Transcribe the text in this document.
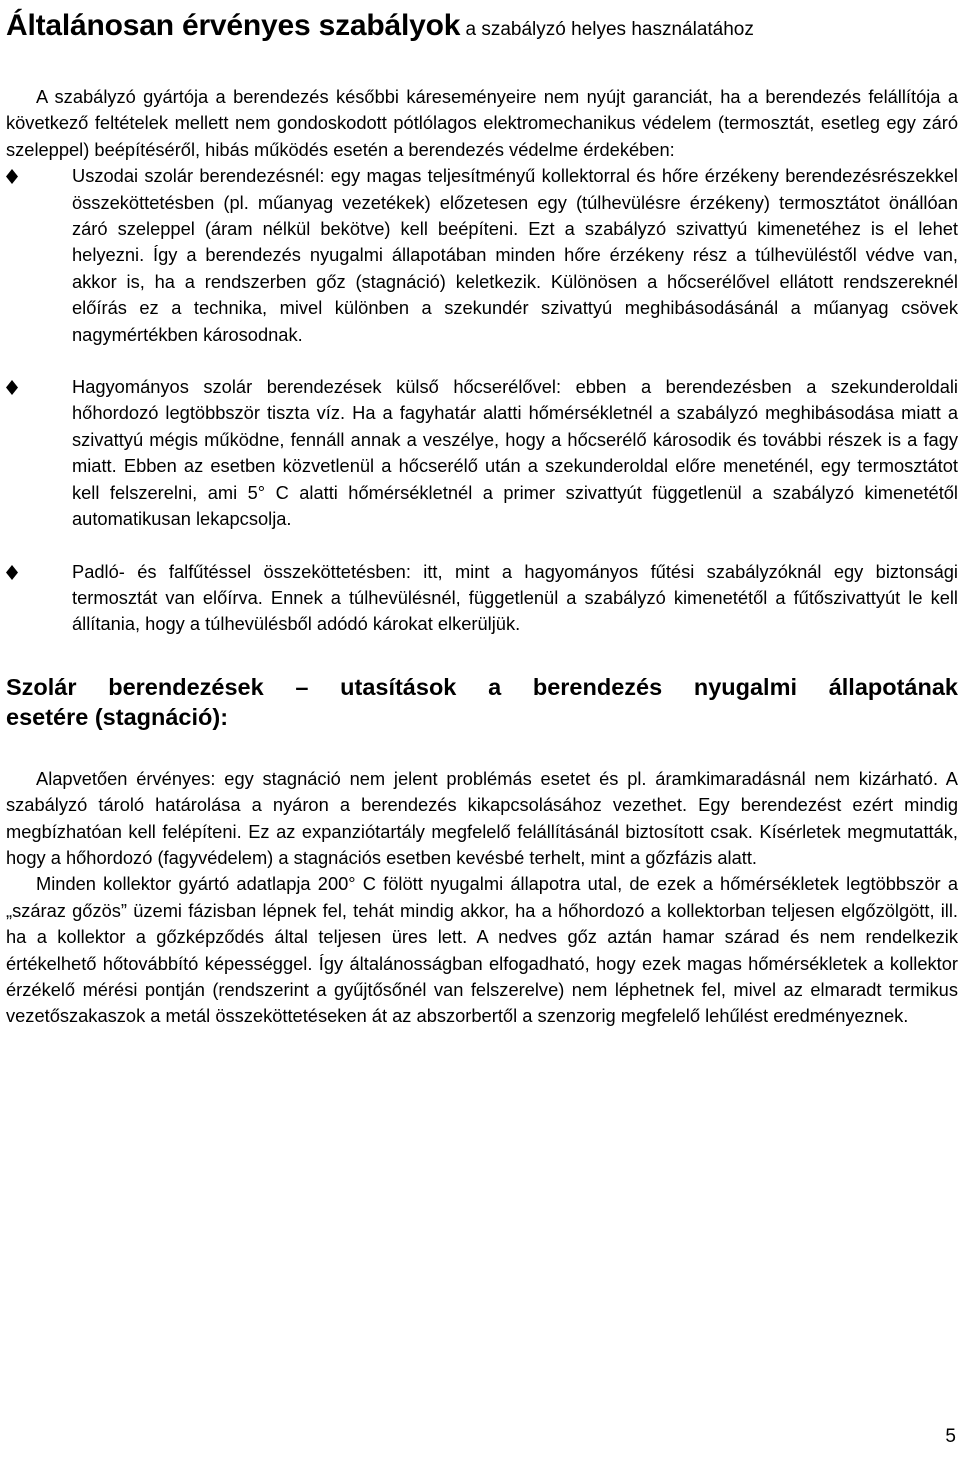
Általánosan érvényes szabályok a szabályzó helyes használatához

A szabályzó gyártója a berendezés későbbi káreseményeire nem nyújt garanciát, ha a berendezés felállítója a következő feltételek mellett nem gondoskodott pótlólagos elektromechanikus védelem (termosztát, esetleg egy záró szeleppel) beépítéséről, hibás működés esetén a berendezés védelme érdekében:

Uszodai szolár berendezésnél: egy magas teljesítményű kollektorral és hőre érzékeny berendezésrészekkel összeköttetésben (pl. műanyag vezetékek) előzetesen egy (túlhevülésre érzékeny) termosztátot önállóan záró szeleppel (áram nélkül bekötve) kell beépíteni. Ezt a szabályzó szivattyú kimenetéhez is el lehet helyezni. Így a berendezés nyugalmi állapotában minden hőre érzékeny rész a túlhevüléstől védve van, akkor is, ha a rendszerben gőz (stagnáció) keletkezik. Különösen a hőcserélővel ellátott rendszereknél előírás ez a technika, mivel különben a szekundér szivattyú meghibásodásánál a műanyag csövek nagymértékben károsodnak.

Hagyományos szolár berendezések külső hőcserélővel: ebben a berendezésben a szekunderoldali hőhordozó legtöbbször tiszta víz. Ha a fagyhatár alatti hőmérsékletnél a szabályzó meghibásodása miatt a szivattyú mégis működne, fennáll annak a veszélye, hogy a hőcserélő károsodik és további részek is a fagy miatt. Ebben az esetben közvetlenül a hőcserélő után a szekunderoldal előre meneténél, egy termosztátot kell felszerelni, ami 5° C alatti hőmérsékletnél a primer szivattyút függetlenül a szabályzó kimenetétől automatikusan lekapcsolja.

Padló- és falfűtéssel összeköttetésben: itt, mint a hagyományos fűtési szabályzóknál egy biztonsági termosztát van előírva. Ennek a túlhevülésnél, függetlenül a szabályzó kimenetétől a fűtőszivattyút le kell állítania, hogy a túlhevülésből adódó károkat elkerüljük.

Szolár berendezések – utasítások a berendezés nyugalmi állapotának
esetére (stagnáció):

Alapvetően érvényes: egy stagnáció nem jelent problémás esetet és pl. áramkimaradásnál nem kizárható. A szabályzó tároló határolása a nyáron a berendezés kikapcsolásához vezethet. Egy berendezést ezért mindig megbízhatóan kell felépíteni. Ez az expanziótartály megfelelő felállításánál biztosított csak. Kísérletek megmutatták, hogy a hőhordozó (fagyvédelem) a stagnációs esetben kevésbé terhelt, mint a gőzfázis alatt.

Minden kollektor gyártó adatlapja 200° C fölött nyugalmi állapotra utal, de ezek a hőmérsékletek legtöbbször a „száraz gőzös” üzemi fázisban lépnek fel, tehát mindig akkor, ha a hőhordozó a kollektorban teljesen elgőzölgött, ill. ha a kollektor a gőzképződés által teljesen üres lett. A nedves gőz aztán hamar szárad és nem rendelkezik értékelhető hőtovábbító képességgel. Így általánosságban elfogadható, hogy ezek magas hőmérsékletek a kollektor érzékelő mérési pontján (rendszerint a gyűjtősőnél van felszerelve) nem léphetnek fel, mivel az elmaradt termikus vezetőszakaszok a metál összeköttetéseken át az abszorbertől a szenzorig megfelelő lehűlést eredményeznek.

5
